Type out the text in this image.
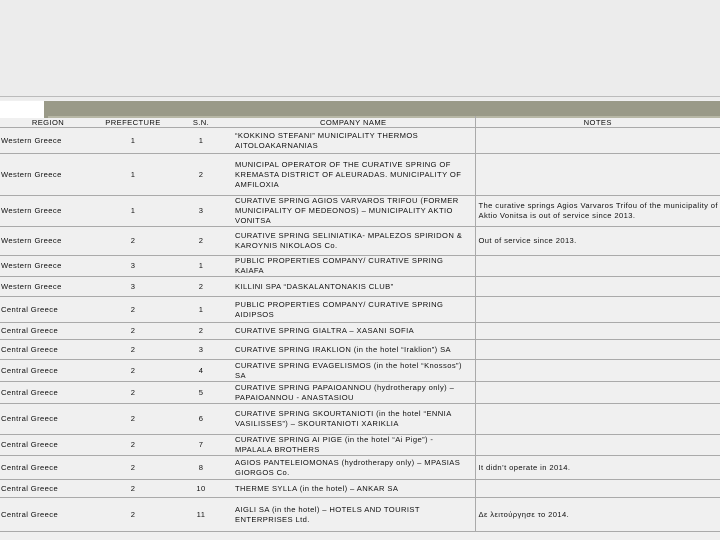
REGION	PREFECTURE	S.N.	COMPANY NAME	NOTES
Western Greece	1	1	“KOKKINO STEFANI” MUNICIPALITY THERMOS AITOLOAKARNANIAS	
Western Greece	1	2	MUNICIPAL OPERATOR OF THE CURATIVE SPRING OF KREMASTA DISTRICT OF ALEURADAS. MUNICIPALITY OF AMFILOXIA	
Western Greece	1	3	CURATIVE SPRING AGIOS VARVAROS TRIFOU (FORMER MUNICIPALITY OF MEDEONOS) – MUNICIPALITY AKTIO VONITSA	The curative springs Agios Varvaros Trifou of the municipality of Aktio Vonitsa is out of service since 2013.
Western Greece	2	2	CURATIVE SPRING SELINIATIKA- MPALEZOS SPIRIDON & KAROYNIS NIKOLAOS Co.	Out of service since 2013.
Western Greece	3	1	PUBLIC PROPERTIES COMPANY/ CURATIVE SPRING KAIAFA	
Western Greece	3	2	KILLINI SPA “DASKALANTONAKIS CLUB”	
Central Greece	2	1	PUBLIC PROPERTIES COMPANY/ CURATIVE SPRING AIDIPSOS	
Central Greece	2	2	CURATIVE SPRING GIALTRA – XASANI SOFIA	
Central Greece	2	3	CURATIVE SPRING IRAKLION (in the hotel “Iraklion”) SA	
Central Greece	2	4	CURATIVE SPRING EVAGELISMOS (in the hotel “Knossos”) SA	
Central Greece	2	5	CURATIVE SPRING PAPAIOANNOU (hydrotherapy only) – PAPAIOANNOU - ANASTASIOU	
Central Greece	2	6	CURATIVE SPRING SKOURTANIOTI (in the hotel “ENNIA VASILISSES”) – SKOURTANIOTI XARIKLIA	
Central Greece	2	7	CURATIVE SPRING AI PIGE (in the hotel “Ai Pige”) - MPALALA BROTHERS	
Central Greece	2	8	AGIOS PANTELEIOMONAS (hydrotherapy only) – MPASIAS GIORGOS Co.	It didn’t operate in 2014.
Central Greece	2	10	THERME SYLLA (in the hotel) – ANKAR SA	
Central Greece	2	11	AIGLI SA (in the hotel) – HOTELS AND TOURIST ENTERPRISES Ltd.	Δε λειτούργησε το 2014.
